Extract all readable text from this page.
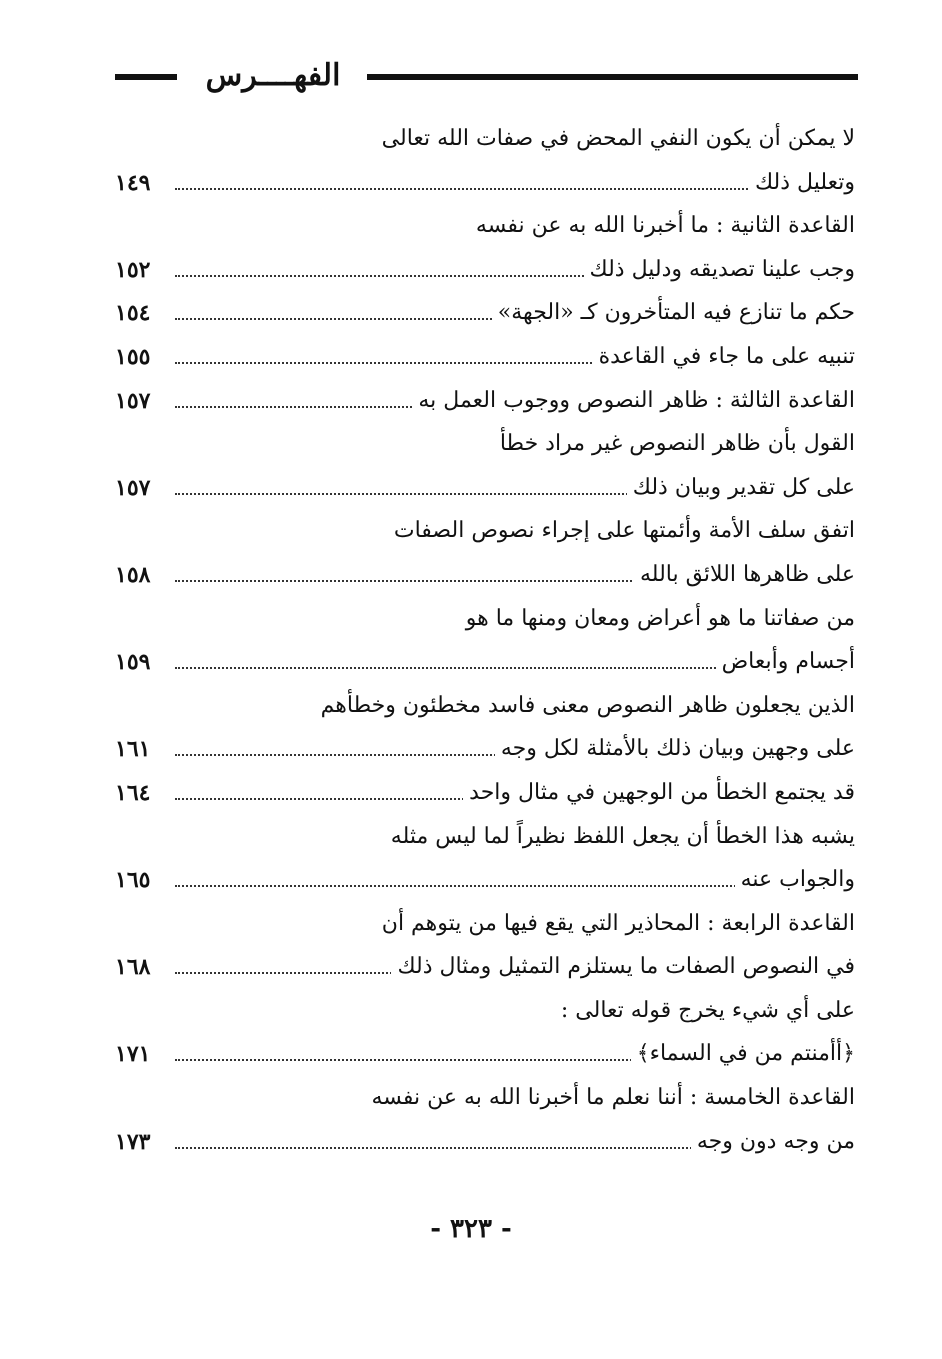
الفهــــرس
لا يمكن أن يكون النفي المحض في صفات الله تعالى
١٤٩	وتعليل ذلك
القاعدة الثانية : ما أخبرنا الله به عن نفسه
١٥٢	وجب علينا تصديقه ودليل ذلك
١٥٤	حكم ما تنازع فيه المتأخرون كـ «الجهة»
١٥٥	تنبيه على ما جاء في القاعدة
١٥٧	القاعدة الثالثة : ظاهر النصوص ووجوب العمل به
القول بأن ظاهر النصوص غير مراد خطأ
١٥٧	على كل تقدير وبيان ذلك
اتفق سلف الأمة وأئمتها على إجراء نصوص الصفات
١٥٨	على ظاهرها اللائق بالله
من صفاتنا ما هو أعراض ومعان ومنها ما هو
١٥٩	أجسام وأبعاض
الذين يجعلون ظاهر النصوص معنى فاسد مخطئون وخطأهم
١٦١	على وجهين وبيان ذلك بالأمثلة لكل وجه
١٦٤	قد يجتمع الخطأ من الوجهين في مثال واحد
يشبه هذا الخطأ أن يجعل اللفظ نظيراً لما ليس مثله
١٦٥	والجواب عنه
القاعدة الرابعة : المحاذير التي يقع فيها من يتوهم أن
١٦٨	في النصوص الصفات ما يستلزم التمثيل ومثال ذلك
على أي شيء يخرج قوله تعالى :
١٧١	﴿أأمنتم من في السماء﴾
القاعدة الخامسة : أننا نعلم ما أخبرنا الله به عن نفسه
١٧٣	من وجه دون وجه
- ٣٢٣ -
